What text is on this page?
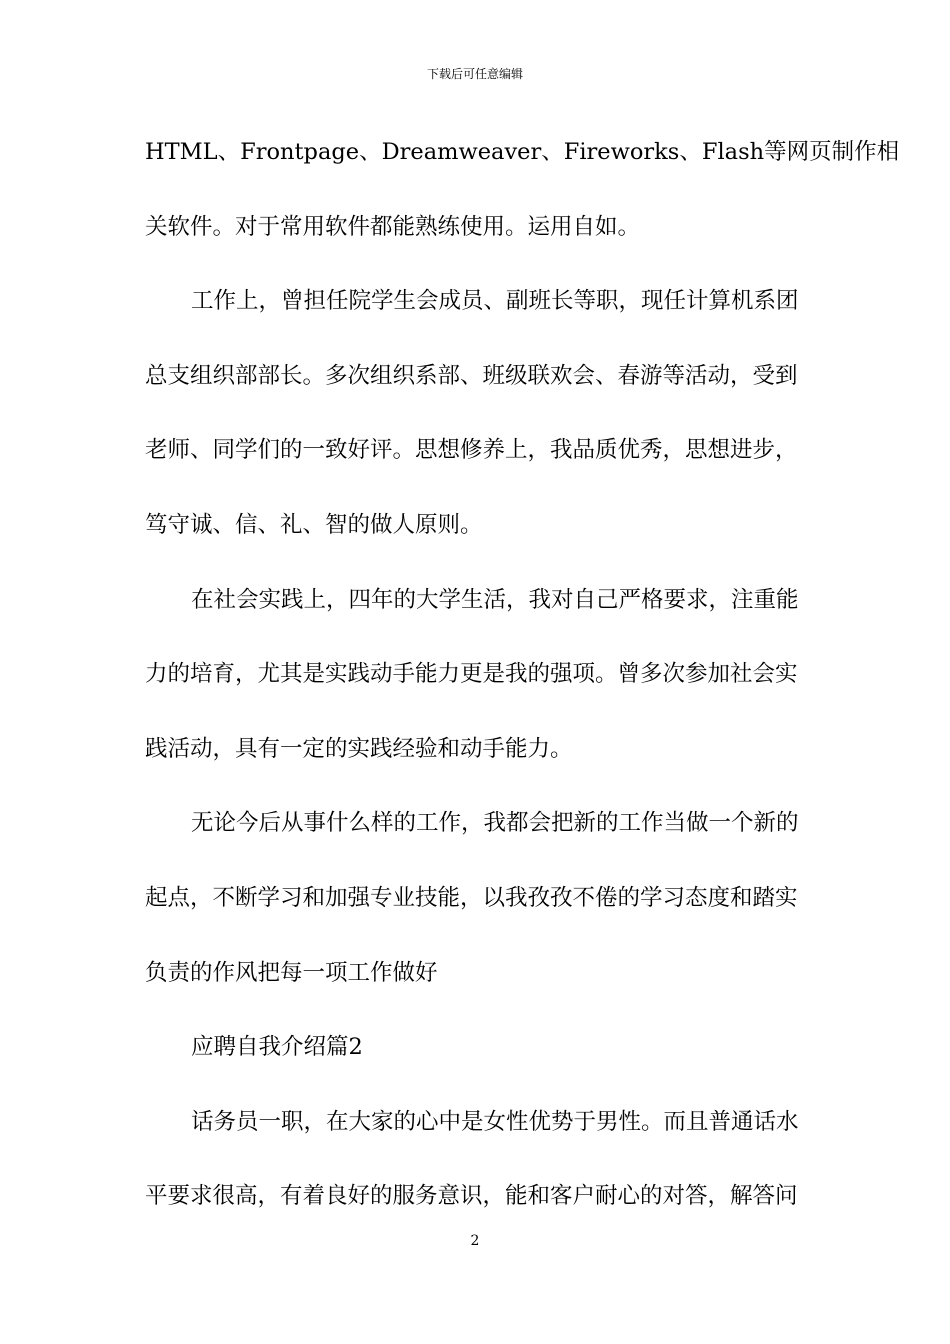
下载后可任意编辑
HTML、Frontpage、Dreamweaver、Fireworks、Flash等网页制作相
关软件。对于常用软件都能熟练使用。运用自如。
工作上，曾担任院学生会成员、副班长等职，现任计算机系团
总支组织部部长。多次组织系部、班级联欢会、春游等活动，受到
老师、同学们的一致好评。思想修养上，我品质优秀，思想进步，
笃守诚、信、礼、智的做人原则。
在社会实践上，四年的大学生活，我对自己严格要求，注重能
力的培育，尤其是实践动手能力更是我的强项。曾多次参加社会实
践活动，具有一定的实践经验和动手能力。
无论今后从事什么样的工作，我都会把新的工作当做一个新的
起点，不断学习和加强专业技能，以我孜孜不倦的学习态度和踏实
负责的作风把每一项工作做好
应聘自我介绍篇2
话务员一职，在大家的心中是女性优势于男性。而且普通话水
平要求很高，有着良好的服务意识，能和客户耐心的对答，解答问
2
